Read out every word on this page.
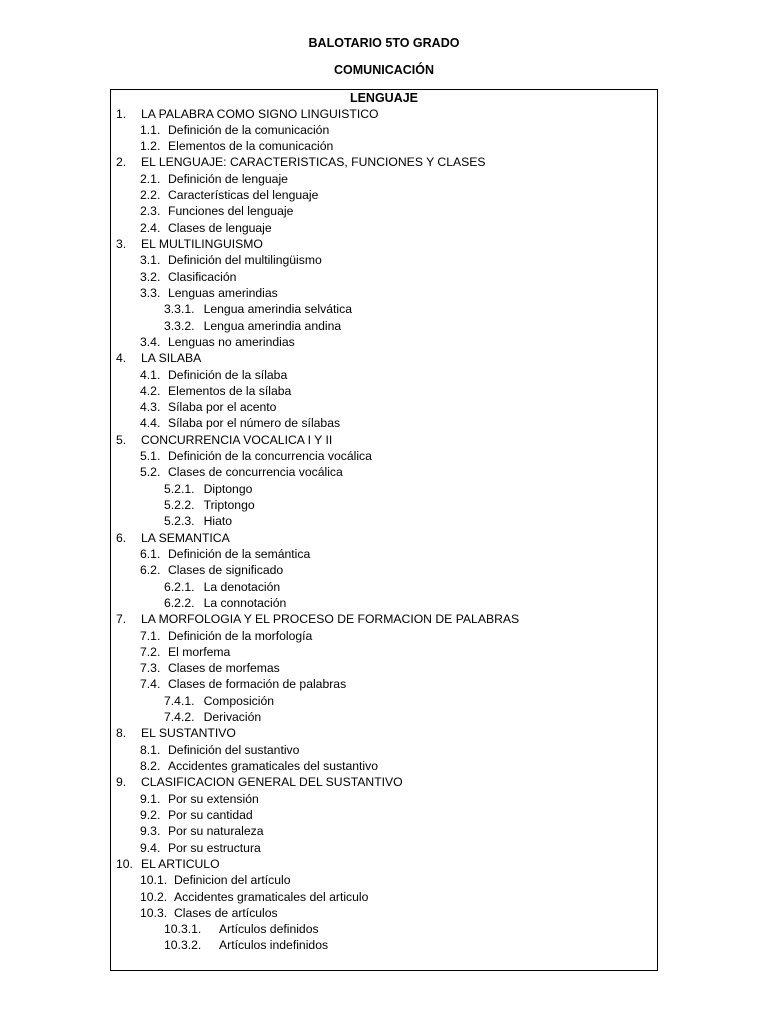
BALOTARIO 5TO GRADO
COMUNICACIÓN
LENGUAJE
1. LA PALABRA COMO SIGNO LINGUISTICO
1.1. Definición de la comunicación
1.2. Elementos de la comunicación
2. EL LENGUAJE: CARACTERISTICAS, FUNCIONES Y CLASES
2.1. Definición de lenguaje
2.2. Características del lenguaje
2.3. Funciones del lenguaje
2.4. Clases de lenguaje
3. EL MULTILINGUISMO
3.1. Definición del multilingüismo
3.2. Clasificación
3.3. Lenguas amerindias
3.3.1. Lengua amerindia selvática
3.3.2. Lengua amerindia andina
3.4. Lenguas no amerindias
4. LA SILABA
4.1. Definición de la sílaba
4.2. Elementos de la sílaba
4.3. Sílaba por el acento
4.4. Sílaba por el número de sílabas
5. CONCURRENCIA VOCALICA I Y II
5.1. Definición de la concurrencia vocálica
5.2. Clases de concurrencia vocálica
5.2.1. Diptongo
5.2.2. Triptongo
5.2.3. Hiato
6. LA SEMANTICA
6.1. Definición de la semántica
6.2. Clases de significado
6.2.1. La denotación
6.2.2. La connotación
7. LA MORFOLOGIA Y EL PROCESO DE FORMACION DE PALABRAS
7.1. Definición de la morfología
7.2. El morfema
7.3. Clases de morfemas
7.4. Clases de formación de palabras
7.4.1. Composición
7.4.2. Derivación
8. EL SUSTANTIVO
8.1. Definición del sustantivo
8.2. Accidentes gramaticales del sustantivo
9. CLASIFICACION GENERAL DEL SUSTANTIVO
9.1. Por su extensión
9.2. Por su cantidad
9.3. Por su naturaleza
9.4. Por su estructura
10. EL ARTICULO
10.1. Definicion del artículo
10.2. Accidentes gramaticales del articulo
10.3. Clases de artículos
10.3.1. Artículos definidos
10.3.2. Artículos indefinidos
